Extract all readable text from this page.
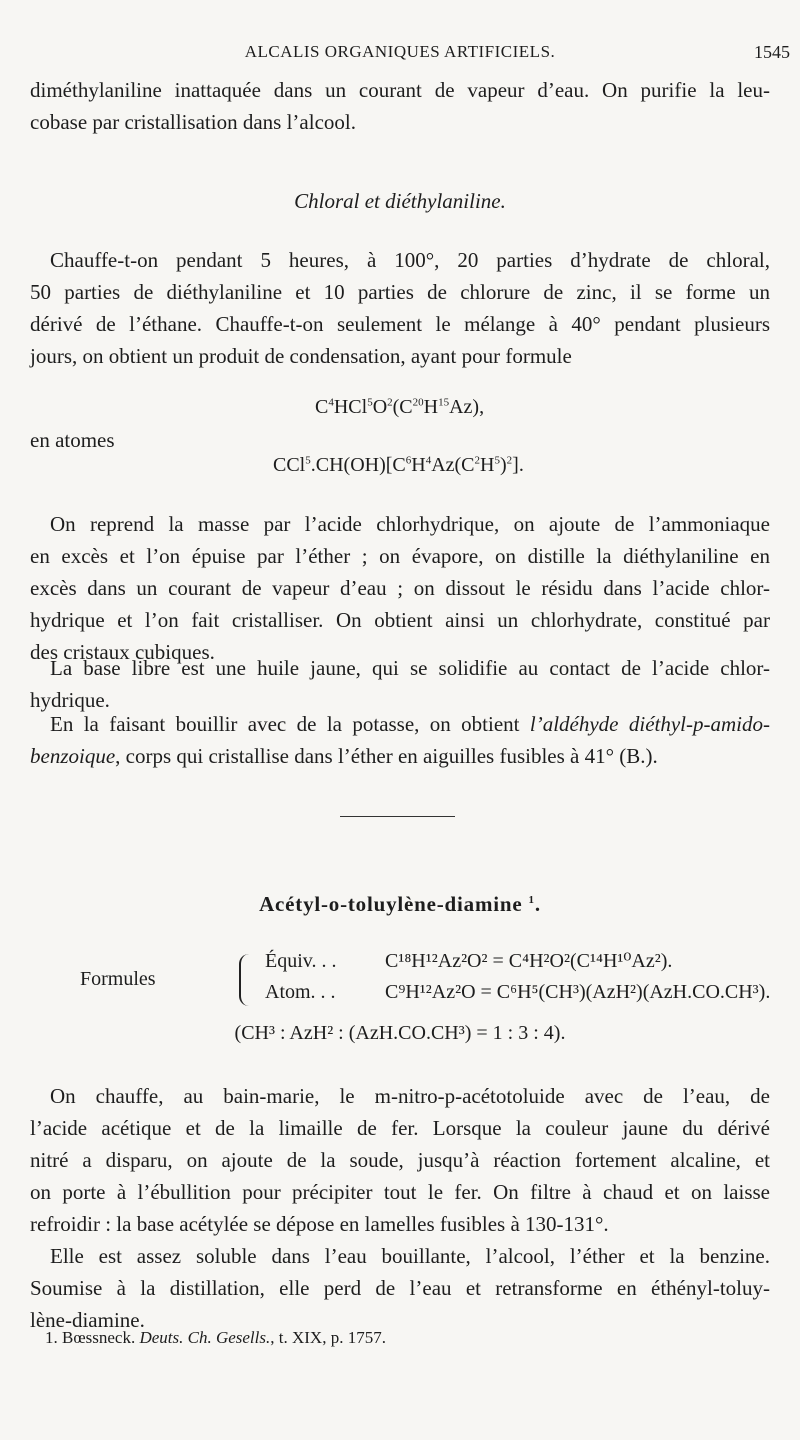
ALCALIS ORGANIQUES ARTIFICIELS.	1545
diméthylaniline inattaquée dans un courant de vapeur d’eau. On purifie la leu-
cobase par cristallisation dans l’alcool.
Chloral et diéthylaniline.
Chauffe-t-on pendant 5 heures, à 100°, 20 parties d’hydrate de chloral,
50 parties de diéthylaniline et 10 parties de chlorure de zinc, il se forme un
dérivé de l’éthane. Chauffe-t-on seulement le mélange à 40° pendant plusieurs
jours, on obtient un produit de condensation, ayant pour formule
$C^4HCl^5O^2(C^{20}H^{15}Az)$,
en atomes
$CCl^5.CH(OH)[C^6H^4Az(C^2H^5)^2]$.
On reprend la masse par l’acide chlorhydrique, on ajoute de l’ammoniaque
en excès et l’on épuise par l’éther ; on évapore, on distille la diéthylaniline en
excès dans un courant de vapeur d’eau ; on dissout le résidu dans l’acide chlor-
hydrique et l’on fait cristalliser. On obtient ainsi un chlorhydrate, constitué par
des cristaux cubiques.
La base libre est une huile jaune, qui se solidifie au contact de l’acide chlor-
hydrique.
En la faisant bouillir avec de la potasse, on obtient l’aldéhyde diéthyl-p-amido-
benzoique, corps qui cristallise dans l’éther en aiguilles fusibles à 41° (B.).
Acétyl-o-toluylène-diamine $^1$.
Formules
Équiv. . . C¹⁸H¹²Az²O² = C⁴H²O²(C¹⁴H¹⁰Az²).
Atom. . . C⁹H¹²Az²O = C⁶H⁵(CH³)(AzH²)(AzH.CO.CH³).
(CH³ : AzH² : (AzH.CO.CH³) = 1 : 3 : 4).
On chauffe, au bain-marie, le m-nitro-p-acétotoluide avec de l’eau, de
l’acide acétique et de la limaille de fer. Lorsque la couleur jaune du dérivé
nitré a disparu, on ajoute de la soude, jusqu’à réaction fortement alcaline, et
on porte à l’ébullition pour précipiter tout le fer. On filtre à chaud et on laisse
refroidir : la base acétylée se dépose en lamelles fusibles à 130-131°.
Elle est assez soluble dans l’eau bouillante, l’alcool, l’éther et la benzine.
Soumise à la distillation, elle perd de l’eau et retransforme en éthényl-toluy-
lène-diamine.
1. Bœssneck. Deuts. Ch. Gesells., t. XIX, p. 1757.
